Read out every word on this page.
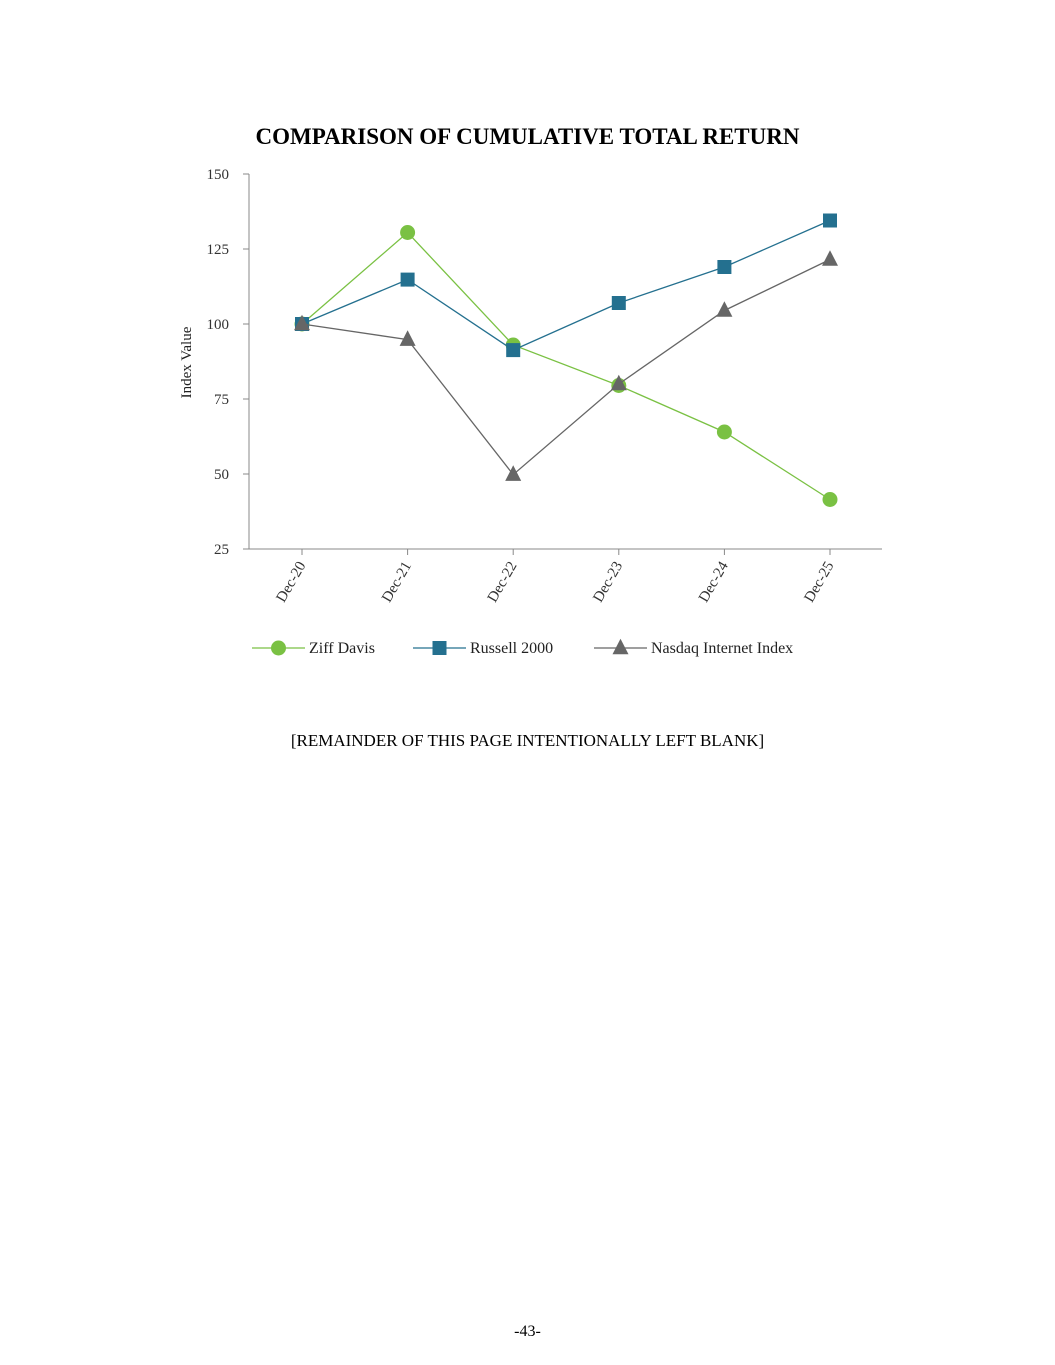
COMPARISON OF CUMULATIVE TOTAL RETURN
25
50
75
100
125
150
Dec-20	Dec-21	Dec-22	Dec-23	Dec-24	Dec-25
Index Value
Ziff Davis	Russell 2000	Nasdaq Internet Index
[REMAINDER OF THIS PAGE INTENTIONALLY LEFT BLANK]
-43-
